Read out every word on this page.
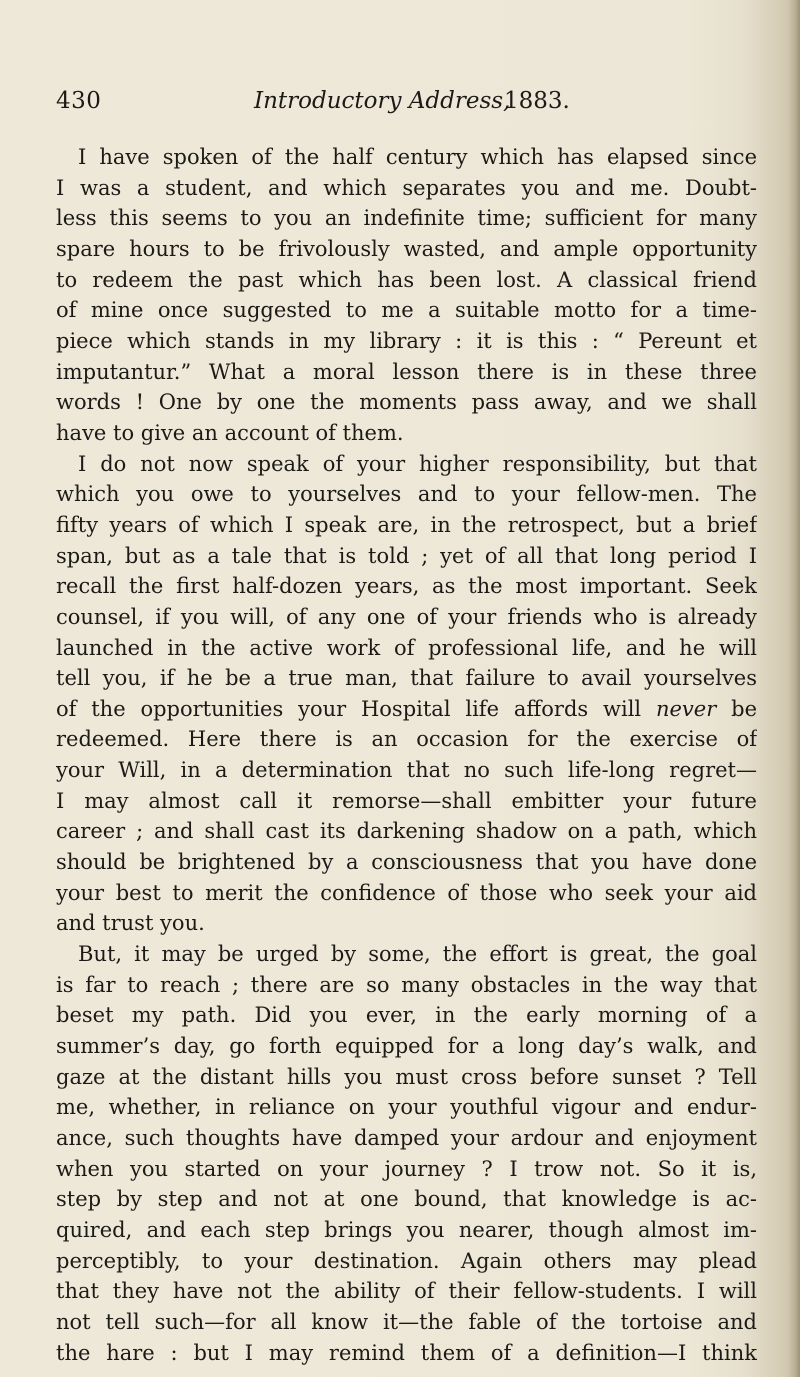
430	Introductory Address,
1883.
I have spoken of the half century which has elapsed since
I was a student, and which separates you and me. Doubt-
less this seems to you an indefinite time; sufficient for many
spare hours to be frivolously wasted, and ample opportunity
to redeem the past which has been lost. A classical friend
of mine once suggested to me a suitable motto for a time-
piece which stands in my library : it is this : “ Pereunt et
imputantur.” What a moral lesson there is in these three
words ! One by one the moments pass away, and we shall
have to give an account of them.
I do not now speak of your higher responsibility, but that
which you owe to yourselves and to your fellow-men. The
fifty years of which I speak are, in the retrospect, but a brief
span, but as a tale that is told ; yet of all that long period I
recall the first half-dozen years, as the most important. Seek
counsel, if you will, of any one of your friends who is already
launched in the active work of professional life, and he will
tell you, if he be a true man, that failure to avail yourselves
of the opportunities your Hospital life affords will never be
redeemed. Here there is an occasion for the exercise of
your Will, in a determination that no such life-long regret—
I may almost call it remorse—shall embitter your future
career ; and shall cast its darkening shadow on a path, which
should be brightened by a consciousness that you have done
your best to merit the confidence of those who seek your aid
and trust you.
But, it may be urged by some, the effort is great, the goal
is far to reach ; there are so many obstacles in the way that
beset my path. Did you ever, in the early morning of a
summer’s day, go forth equipped for a long day’s walk, and
gaze at the distant hills you must cross before sunset ? Tell
me, whether, in reliance on your youthful vigour and endur-
ance, such thoughts have damped your ardour and enjoyment
when you started on your journey ? I trow not. So it is,
step by step and not at one bound, that knowledge is ac-
quired, and each step brings you nearer, though almost im-
perceptibly, to your destination. Again others may plead
that they have not the ability of their fellow-students. I will
not tell such—for all know it—the fable of the tortoise and
the hare : but I may remind them of a definition—I think
